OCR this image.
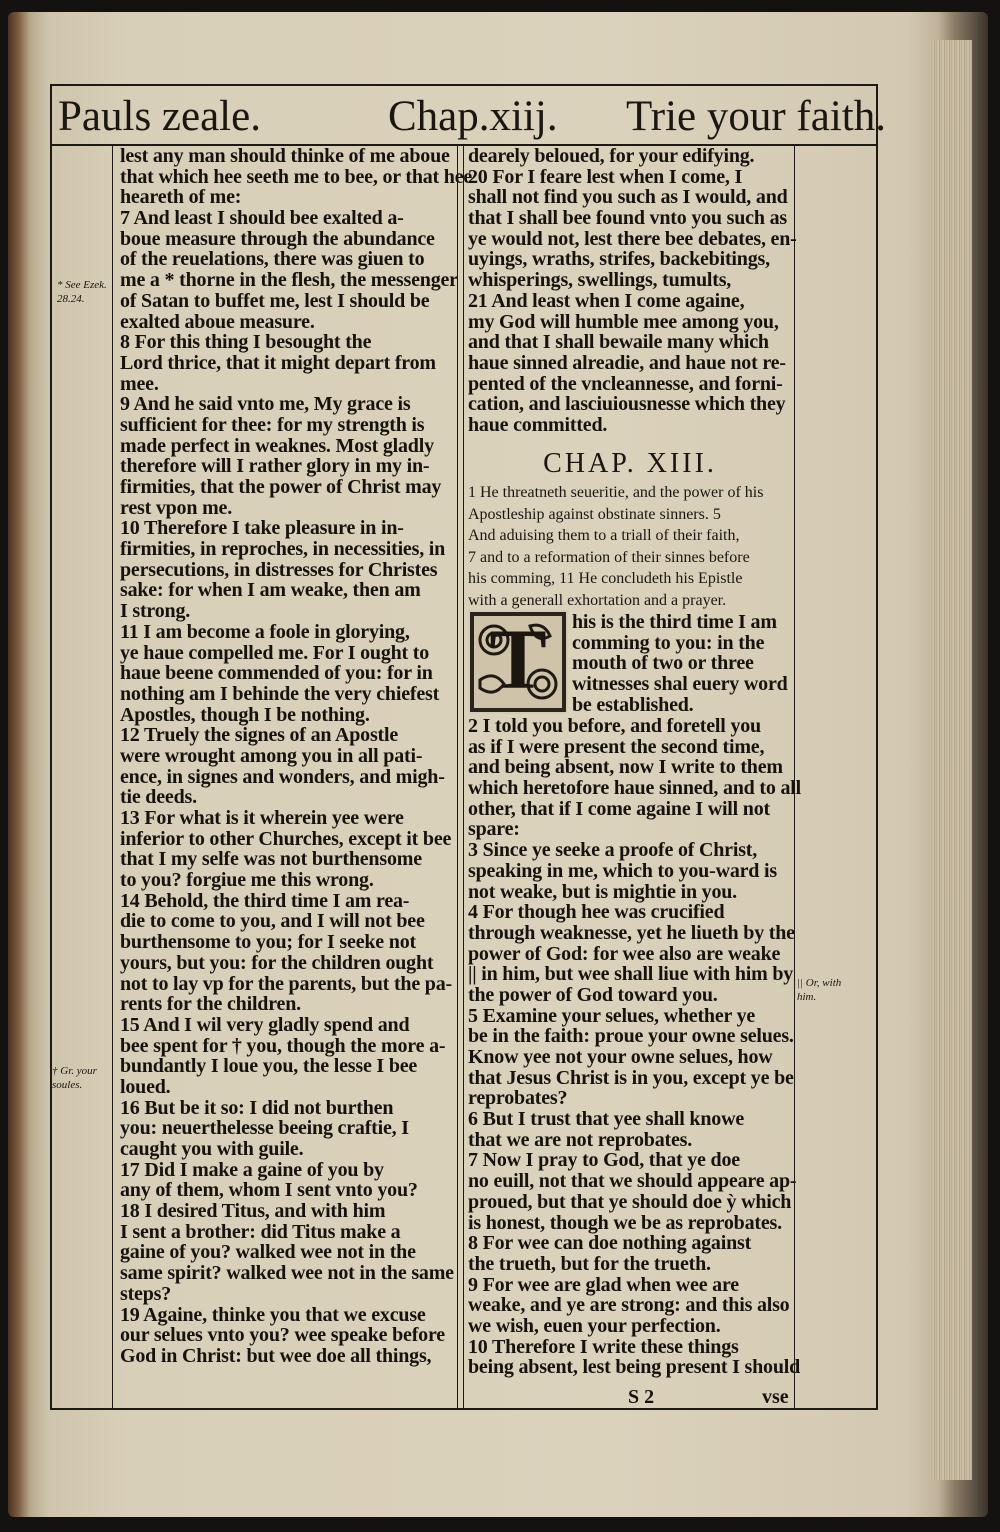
Pauls zeale.	Chap.xiij. Trie your faith.
* See Ezek.
28.24.
† Gr. your
soules.
|| Or, with
him.
lest any man should thinke of me aboue
that which hee seeth me to bee, or that hee
heareth of me:
7 And least I should bee exalted a-
boue measure through the abundance
of the reuelations, there was giuen to
me a * thorne in the flesh, the messenger
of Satan to buffet me, lest I should be
exalted aboue measure.
8 For this thing I besought the
Lord thrice, that it might depart from
mee.
9 And he said vnto me, My grace is
sufficient for thee: for my strength is
made perfect in weaknes. Most gladly
therefore will I rather glory in my in-
firmities, that the power of Christ may
rest vpon me.
10 Therefore I take pleasure in in-
firmities, in reproches, in necessities, in
persecutions, in distresses for Christes
sake: for when I am weake, then am
I strong.
11 I am become a foole in glorying,
ye haue compelled me. For I ought to
haue beene commended of you: for in
nothing am I behinde the very chiefest
Apostles, though I be nothing.
12 Truely the signes of an Apostle
were wrought among you in all pati-
ence, in signes and wonders, and migh-
tie deeds.
13 For what is it wherein yee were
inferior to other Churches, except it bee
that I my selfe was not burthensome
to you? forgiue me this wrong.
14 Behold, the third time I am rea-
die to come to you, and I will not bee
burthensome to you; for I seeke not
yours, but you: for the children ought
not to lay vp for the parents, but the pa-
rents for the children.
15 And I wil very gladly spend and
bee spent for † you, though the more a-
bundantly I loue you, the lesse I bee
loued.
16 But be it so: I did not burthen
you: neuerthelesse beeing craftie, I
caught you with guile.
17 Did I make a gaine of you by
any of them, whom I sent vnto you?
18 I desired Titus, and with him
I sent a brother: did Titus make a
gaine of you? walked wee not in the
same spirit? walked wee not in the same
steps?
19 Againe, thinke you that we excuse
our selues vnto you? wee speake before
God in Christ: but wee doe all things,
dearely beloued, for your edifying.
20 For I feare lest when I come, I
shall not find you such as I would, and
that I shall bee found vnto you such as
ye would not, lest there bee debates, en-
uyings, wraths, strifes, backebitings,
whisperings, swellings, tumults,
21 And least when I come againe,
my God will humble mee among you,
and that I shall bewaile many which
haue sinned alreadie, and haue not re-
pented of the vncleannesse, and forni-
cation, and lasciuiousnesse which they
haue committed.
CHAP. XIII.
1 He threatneth seueritie, and the power of his
Apostleship against obstinate sinners. 5
And aduising them to a triall of their faith,
7 and to a reformation of their sinnes before
his comming, 11 He concludeth his Epistle
with a generall exhortation and a prayer.
T his is the third time I am
comming to you: in the
mouth of two or three
witnesses shal euery word
be established.
2 I told you before, and foretell you
as if I were present the second time,
and being absent, now I write to them
which heretofore haue sinned, and to all
other, that if I come againe I will not
spare:
3 Since ye seeke a proofe of Christ,
speaking in me, which to you-ward is
not weake, but is mightie in you.
4 For though hee was crucified
through weaknesse, yet he liueth by the
power of God: for wee also are weake
|| in him, but wee shall liue with him by
the power of God toward you.
5 Examine your selues, whether ye
be in the faith: proue your owne selues.
Know yee not your owne selues, how
that Jesus Christ is in you, except ye be
reprobates?
6 But I trust that yee shall knowe
that we are not reprobates.
7 Now I pray to God, that ye doe
no euill, not that we should appeare ap-
proued, but that ye should doe ỳ which
is honest, though we be as reprobates.
8 For wee can doe nothing against
the trueth, but for the trueth.
9 For wee are glad when wee are
weake, and ye are strong: and this also
we wish, euen your perfection.
10 Therefore I write these things
being absent, lest being present I should
S 2	vse
